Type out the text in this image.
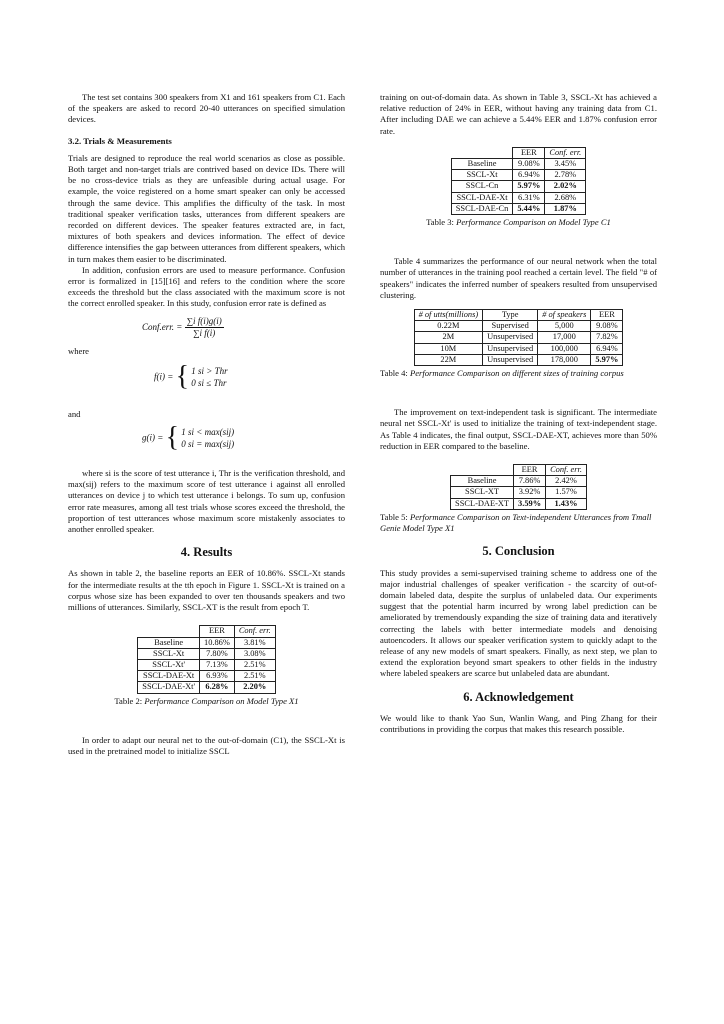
The test set contains 300 speakers from X1 and 161 speakers from C1. Each of the speakers are asked to record 20-40 utterances on specified simulation devices.

3.2. Trials & Measurements

Trials are designed to reproduce the real world scenarios as close as possible. Both target and non-target trials are contrived based on device IDs. There will be no cross-device trials as they are unfeasible during actual usage. For example, the voice registered on a home smart speaker can only be accessed through the same device. This amplifies the difficulty of the task. In most traditional speaker verification tasks, utterances from different speakers are recorded on different devices. The speaker features extracted are, in fact, mixtures of both speakers and devices information. The effect of device difference intensifies the gap between utterances from different speakers, which in turn makes them easier to be discriminated.

In addition, confusion errors are used to measure performance. Confusion error is formalized in [15][16] and refers to the condition where the score exceeds the threshold but the class associated with the maximum score is not the correct enrolled speaker. In this study, confusion error rate is defined as

Conf.err. = $\frac{\text{∑i f(i)g(i)}}{\text{∑i f(i)}}$

where

f(i) = { 1 si > Thr
0 si ≤ Thr

and

g(i) = { 1 si < max(sij)
0 si = max(sij)

where si is the score of test utterance i, Thr is the verification threshold, and max(sij) refers to the maximum score of test utterance i against all enrolled utterances on device j to which test utterance i belongs. To sum up, confusion error rate measures, among all test trials whose scores exceed the threshold, the proportion of test utterances whose maximum score mistakenly associates to another enrolled speaker.

4. Results

As shown in table 2, the baseline reports an EER of 10.86%. SSCL-Xt stands for the intermediate results at the tth epoch in Figure 1. SSCL-Xt is trained on a corpus whose size has been expanded to over ten thousands speakers and two millions of utterances. Similarly, SSCL-XT is the result from epoch T.

	EER	Conf. err.
Baseline	10.86%	3.81%
SSCL-Xt	7.80%	3.08%
SSCL-Xt'	7.13%	2.51%
SSCL-DAE-Xt	6.93%	2.51%
SSCL-DAE-Xt'	6.28%	2.20%
Table 2: Performance Comparison on Model Type X1

In order to adapt our neural net to the out-of-domain (C1), the SSCL-Xt is used in the pretrained model to initialize SSCL

training on out-of-domain data. As shown in Table 3, SSCL-Xt has achieved a relative reduction of 24% in EER, without having any training data from C1. After including DAE we can achieve a 5.44% EER and 1.87% confusion error rate.

	EER	Conf. err.
Baseline	9.08%	3.45%
SSCL-Xt	6.94%	2.78%
SSCL-Cn	5.97%	2.02%
SSCL-DAE-Xt	6.31%	2.68%
SSCL-DAE-Cn	5.44%	1.87%
Table 3: Performance Comparison on Model Type C1

Table 4 summarizes the performance of our neural network when the total number of utterances in the training pool reached a certain level. The field "# of speakers" indicates the inferred number of speakers resulted from unsupervised clustering.

# of utts(millions)	Type	# of speakers	EER
0.22M	Supervised	5,000	9.08%
2M	Unsupervised	17,000	7.82%
10M	Unsupervised	100,000	6.94%
22M	Unsupervised	178,000	5.97%
Table 4: Performance Comparison on different sizes of training corpus

The improvement on text-independent task is significant. The intermediate neural net SSCL-Xt' is used to initialize the training of text-independent stage. As Table 4 indicates, the final output, SSCL-DAE-XT, achieves more than 50% reduction in EER compared to the baseline.

	EER	Conf. err.
Baseline	7.86%	2.42%
SSCL-XT	3.92%	1.57%
SSCL-DAE-XT	3.59%	1.43%
Table 5: Performance Comparison on Text-independent Utterances from Tmall Genie Model Type X1
5. Conclusion

This study provides a semi-supervised training scheme to address one of the major industrial challenges of speaker verification - the scarcity of out-of-domain labeled data, despite the surplus of unlabeled data. Our experiments suggest that the potential harm incurred by wrong label prediction can be ameliorated by tremendously expanding the size of training data and iteratively correcting the labels with better intermediate models and denoising autoencoders. It allows our speaker verification system to quickly adapt to the release of any new models of smart speakers. Finally, as next step, we plan to extend the exploration beyond smart speakers to other fields in the industry where labeled speakers are scarce but unlabeled data are abundant.

6. Acknowledgement

We would like to thank Yao Sun, Wanlin Wang, and Ping Zhang for their contributions in providing the corpus that makes this research possible.
